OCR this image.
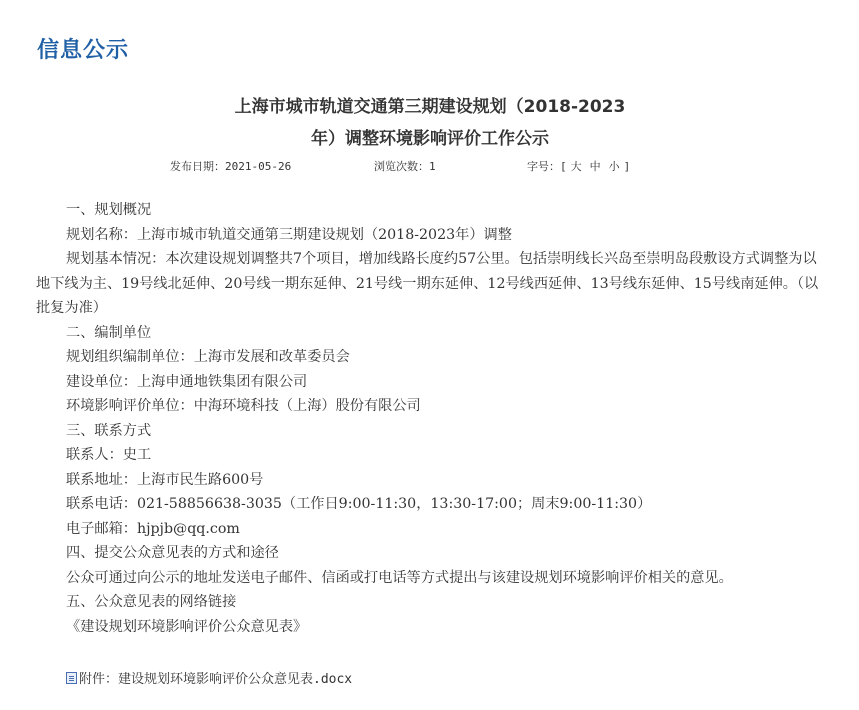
信息公示
上海市城市轨道交通第三期建设规划（2018-2023
年）调整环境影响评价工作公示
发布日期：2021-05-26	浏览次数：1	字号：[ 大 中 小 ]

一、规划概况

规划名称：上海市城市轨道交通第三期建设规划（2018-2023年）调整

规划基本情况：本次建设规划调整共7个项目，增加线路长度约57公里。包括崇明线长兴岛至崇明岛段敷设方式调整为以地下线为主、19号线北延伸、20号线一期东延伸、21号线一期东延伸、12号线西延伸、13号线东延伸、15号线南延伸。（以批复为准）

二、编制单位

规划组织编制单位：上海市发展和改革委员会

建设单位：上海申通地铁集团有限公司

环境影响评价单位：中海环境科技（上海）股份有限公司

三、联系方式

联系人：史工

联系地址：上海市民生路600号

联系电话：021-58856638-3035（工作日9:00-11:30，13:30-17:00；周末9:00-11:30）

电子邮箱：hjpjb@qq.com

四、提交公众意见表的方式和途径

公众可通过向公示的地址发送电子邮件、信函或打电话等方式提出与该建设规划环境影响评价相关的意见。

五、公众意见表的网络链接

《建设规划环境影响评价公众意见表》

附件：建设规划环境影响评价公众意见表.docx
